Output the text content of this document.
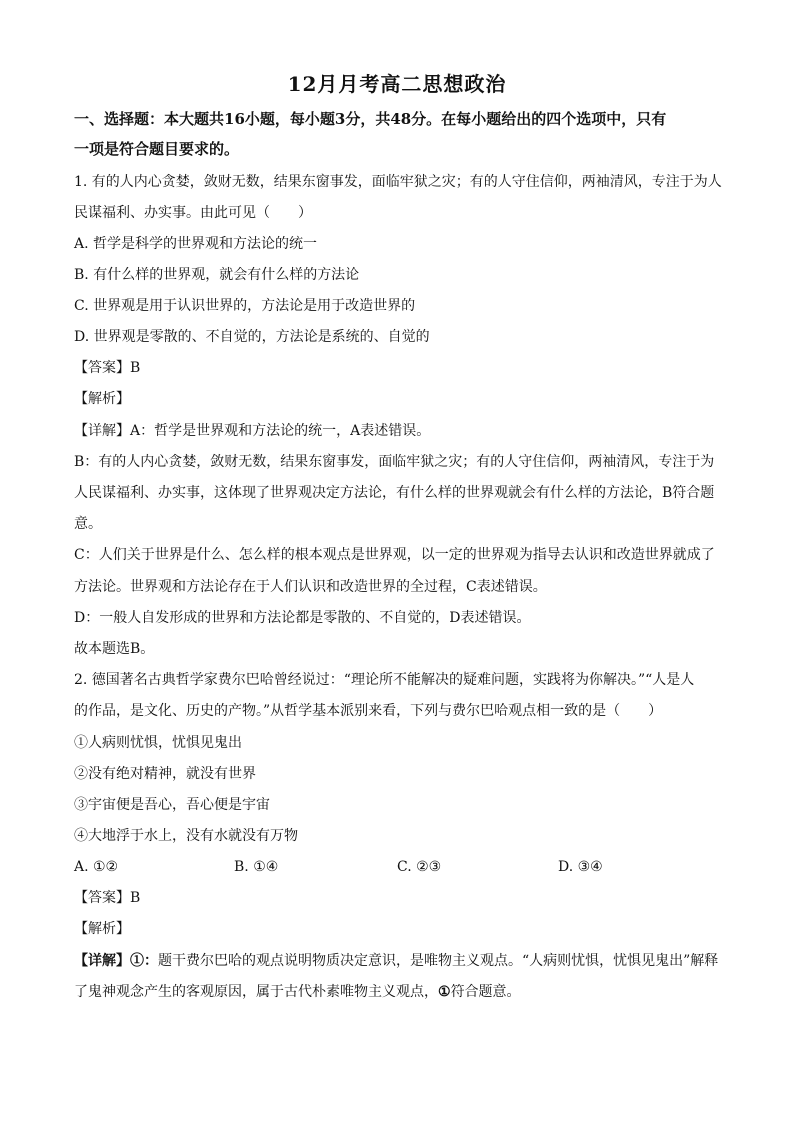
12月月考高二思想政治
一、选择题：本大题共16小题，每小题3分，共48分。在每小题给出的四个选项中，只有
一项是符合题目要求的。
1. 有的人内心贪婪，敛财无数，结果东窗事发，面临牢狱之灾；有的人守住信仰，两袖清风，专注于为人
民谋福利、办实事。由此可见（　　）
A. 哲学是科学的世界观和方法论的统一
B. 有什么样的世界观，就会有什么样的方法论
C. 世界观是用于认识世界的，方法论是用于改造世界的
D. 世界观是零散的、不自觉的，方法论是系统的、自觉的
【答案】B
【解析】
【详解】A：哲学是世界观和方法论的统一，A表述错误。
B：有的人内心贪婪，敛财无数，结果东窗事发，面临牢狱之灾；有的人守住信仰，两袖清风，专注于为
人民谋福利、办实事，这体现了世界观决定方法论，有什么样的世界观就会有什么样的方法论，B符合题
意。
C：人们关于世界是什么、怎么样的根本观点是世界观，以一定的世界观为指导去认识和改造世界就成了
方法论。世界观和方法论存在于人们认识和改造世界的全过程，C表述错误。
D：一般人自发形成的世界和方法论都是零散的、不自觉的，D表述错误。
故本题选B。
2. 德国著名古典哲学家费尔巴哈曾经说过：“理论所不能解决的疑难问题，实践将为你解决。”“人是人
的作品，是文化、历史的产物。”从哲学基本派别来看，下列与费尔巴哈观点相一致的是（　　）
①人病则忧惧，忧惧见鬼出
②没有绝对精神，就没有世界
③宇宙便是吾心，吾心便是宇宙
④大地浮于水上，没有水就没有万物
A. ①②	B. ①④	C. ②③	D. ③④
【答案】B
【解析】
【详解】①：题干费尔巴哈的观点说明物质决定意识，是唯物主义观点。“人病则忧惧，忧惧见鬼出”解释
了鬼神观念产生的客观原因，属于古代朴素唯物主义观点，①符合题意。
